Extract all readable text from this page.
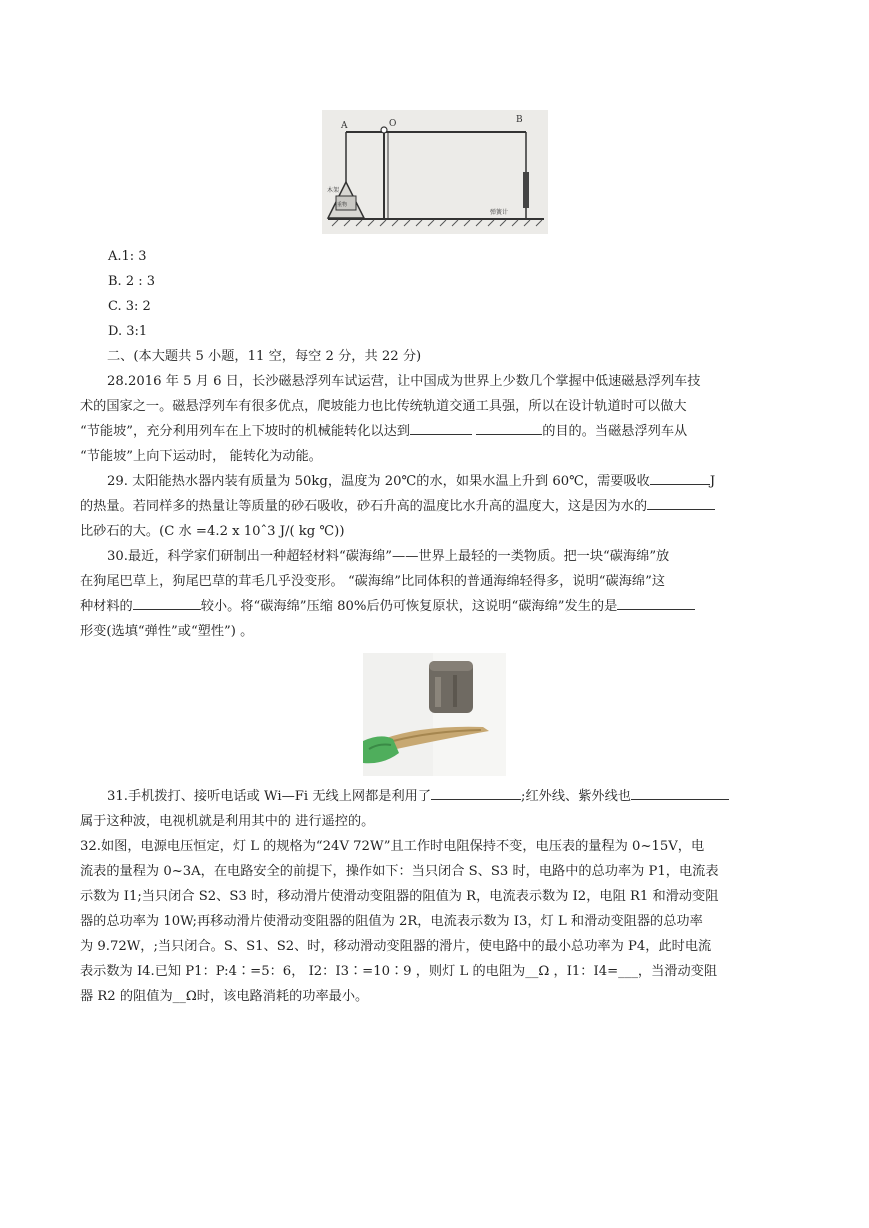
A	O	B
木架
重物
弹簧计
A.1: 3
B. 2 : 3
C. 3: 2
D. 3:1
二、(本大题共 5 小题，11 空，每空 2 分，共 22 分)
28.2016 年 5 月 6 日，长沙磁悬浮列车试运营，让中国成为世界上少数几个掌握中低速磁悬浮列车技
术的国家之一。磁悬浮列车有很多优点，爬坡能力也比传统轨道交通工具强，所以在设计轨道时可以做大
“节能坡”，充分利用列车在上下坡时的机械能转化以达到	的目的。当磁悬浮列车从
“节能坡”上向下运动时， 能转化为动能。
29. 太阳能热水器内装有质量为 50kg，温度为 20℃的水，如果水温上升到 60℃，需要吸收	J
的热量。若同样多的热量让等质量的砂石吸收，砂石升高的温度比水升高的温度大，这是因为水的
比砂石的大。(C 水 =4.2 x 10ˆ3 J/( kg ℃))
30.最近，科学家们研制出一种超轻材料“碳海绵”——世界上最轻的一类物质。把一块“碳海绵”放
在狗尾巴草上，狗尾巴草的茸毛几乎没变形。 “碳海绵”比同体积的普通海绵轻得多，说明“碳海绵”这
种材料的	较小。将“碳海绵”压缩 80%后仍可恢复原状，这说明“碳海绵”发生的是
形变(选填“弹性”或“塑性”) 。
31.手机拨打、接听电话或 Wi—Fi 无线上网都是利用了	;红外线、紫外线也
属于这种波，电视机就是利用其中的 进行遥控的。
32.如图，电源电压恒定，灯 L 的规格为“24V 72W”且工作时电阻保持不变，电压表的量程为 0~15V，电
流表的量程为 0~3A，在电路安全的前提下，操作如下：当只闭合 S、S3 时，电路中的总功率为 P1，电流表
示数为 I1;当只闭合 S2、S3 时，移动滑片使滑动变阻器的阻值为 R，电流表示数为 I2，电阻 R1 和滑动变阻
器的总功率为 10W;再移动滑片使滑动变阻器的阻值为 2R，电流表示数为 I3，灯 L 和滑动变阻器的总功率
为 9.72W，;当只闭合。S、S1、S2、时，移动滑动变阻器的滑片，使电路中的最小总功率为 P4，此时电流
表示数为 I4.已知 P1：P:4∶=5：6， I2：I3∶=10∶9 ，则灯 L 的电阻为__Ω ，I1：I4=___，当滑动变阻
器 R2 的阻值为__Ω时，该电路消耗的功率最小。
